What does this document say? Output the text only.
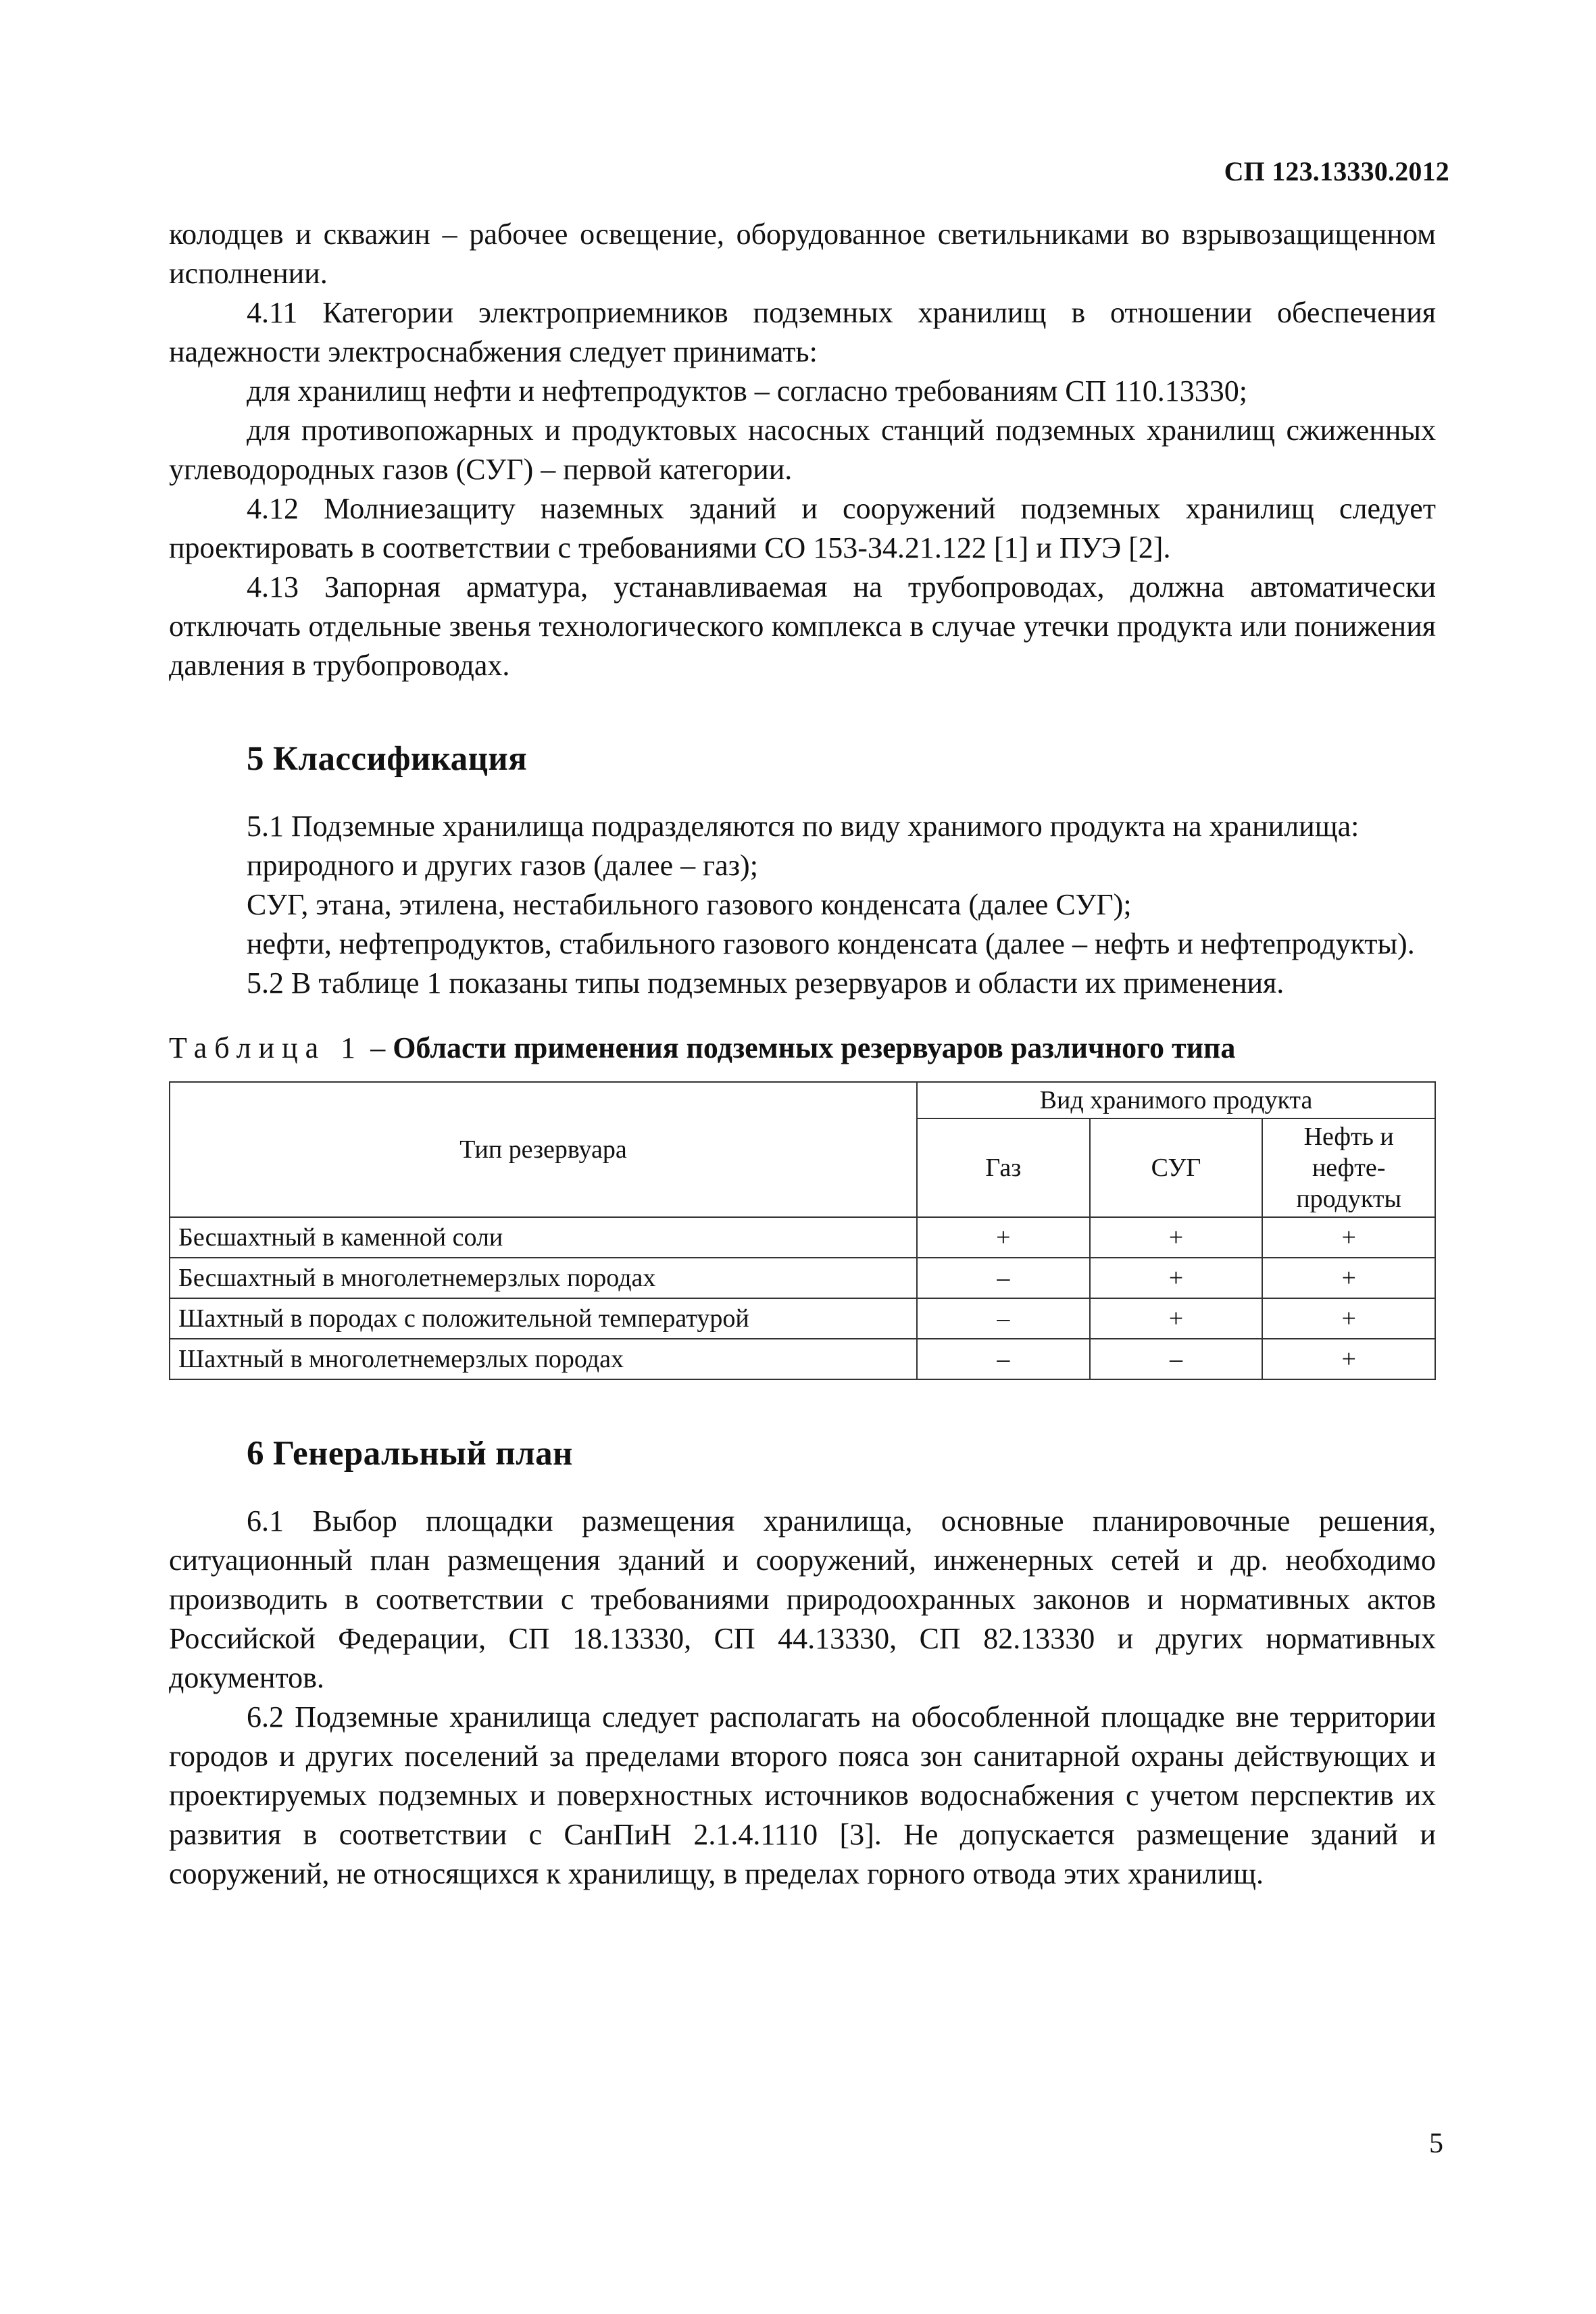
СП 123.13330.2012

колодцев и скважин – рабочее освещение, оборудованное светильниками во взрывозащищенном исполнении.

4.11 Категории электроприемников подземных хранилищ в отношении обеспечения надежности электроснабжения следует принимать:

для хранилищ нефти и нефтепродуктов – согласно требованиям СП 110.13330;

для противопожарных и продуктовых насосных станций подземных хранилищ сжиженных углеводородных газов (СУГ) – первой категории.

4.12 Молниезащиту наземных зданий и сооружений подземных хранилищ следует проектировать в соответствии с требованиями СО 153-34.21.122 [1] и ПУЭ [2].

4.13 Запорная арматура, устанавливаемая на трубопроводах, должна автоматически отключать отдельные звенья технологического комплекса в случае утечки продукта или понижения давления в трубопроводах.

5 Классификация

5.1 Подземные хранилища подразделяются по виду хранимого продукта на хранилища:

природного и других газов (далее – газ);

СУГ, этана, этилена, нестабильного газового конденсата (далее СУГ);

нефти, нефтепродуктов, стабильного газового конденсата (далее – нефть и нефтепродукты).

5.2 В таблице 1 показаны типы подземных резервуаров и области их применения.

Таблица 1 – Области применения подземных резервуаров различного типа
Тип резервуара	Вид хранимого продукта		
	Газ	СУГ	Нефть и нефте-продукты
Бесшахтный в каменной соли	+	+	+
Бесшахтный в многолетнемерзлых породах	–	+	+
Шахтный в породах с положительной температурой	–	+	+
Шахтный в многолетнемерзлых породах	–	–	+
6 Генеральный план

6.1 Выбор площадки размещения хранилища, основные планировочные решения, ситуационный план размещения зданий и сооружений, инженерных сетей и др. необходимо производить в соответствии с требованиями природоохранных законов и нормативных актов Российской Федерации, СП 18.13330, СП 44.13330, СП 82.13330 и других нормативных документов.

6.2 Подземные хранилища следует располагать на обособленной площадке вне территории городов и других поселений за пределами второго пояса зон санитарной охраны действующих и проектируемых подземных и поверхностных источников водоснабжения с учетом перспектив их развития в соответствии с СанПиН 2.1.4.1110 [3]. Не допускается размещение зданий и сооружений, не относящихся к хранилищу, в пределах горного отвода этих хранилищ.

5
